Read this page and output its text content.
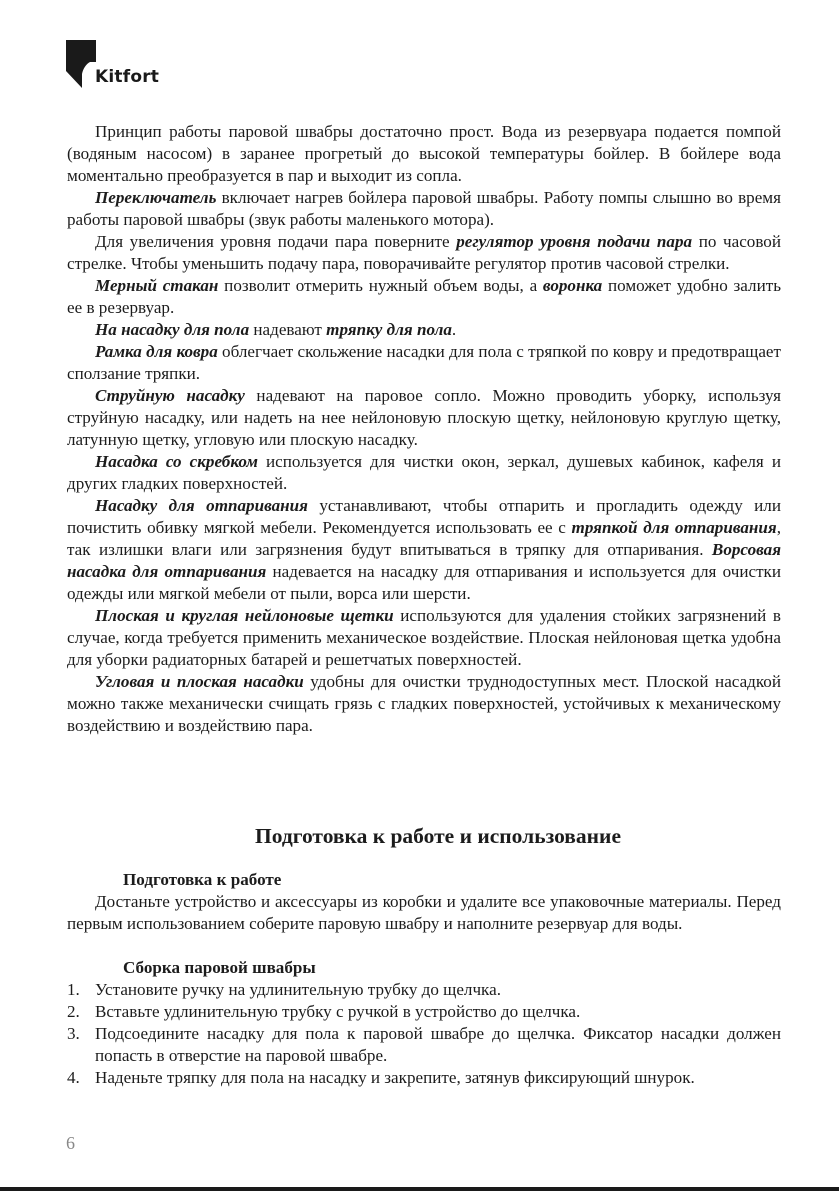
Kitfort

Принцип работы паровой швабры достаточно прост. Вода из резервуара подается помпой (водяным насосом) в заранее прогретый до высокой температуры бойлер. В бойлере вода моментально преобразуется в пар и выходит из сопла.

Переключатель включает нагрев бойлера паровой швабры. Работу помпы слышно во время работы паровой швабры (звук работы маленького мотора).

Для увеличения уровня подачи пара поверните регулятор уровня подачи пара по часовой стрелке. Чтобы уменьшить подачу пара, поворачивайте регулятор против часовой стрелки.

Мерный стакан позволит отмерить нужный объем воды, а воронка поможет удобно залить ее в резервуар.

На насадку для пола надевают тряпку для пола.

Рамка для ковра облегчает скольжение насадки для пола с тряпкой по ковру и предотвращает сползание тряпки.

Струйную насадку надевают на паровое сопло. Можно проводить уборку, используя струйную насадку, или надеть на нее нейлоновую плоскую щетку, нейлоновую круглую щетку, латунную щетку, угловую или плоскую насадку.

Насадка со скребком используется для чистки окон, зеркал, душевых кабинок, кафеля и других гладких поверхностей.

Насадку для отпаривания устанавливают, чтобы отпарить и прогладить одежду или почистить обивку мягкой мебели. Рекомендуется использовать ее с тряпкой для отпаривания, так излишки влаги или загрязнения будут впитываться в тряпку для отпаривания. Ворсовая насадка для отпаривания надевается на насадку для отпаривания и используется для очистки одежды или мягкой мебели от пыли, ворса или шерсти.

Плоская и круглая нейлоновые щетки используются для удаления стойких загрязнений в случае, когда требуется применить механическое воздействие. Плоская нейлоновая щетка удобна для уборки радиаторных батарей и решетчатых поверхностей.

Угловая и плоская насадки удобны для очистки труднодоступных мест. Плоской насадкой можно также механически счищать грязь с гладких поверхностей, устойчивых к механическому воздействию и воздействию пара.

Подготовка к работе и использование

Подготовка к работе

Достаньте устройство и аксессуары из коробки и удалите все упаковочные материалы. Перед первым использованием соберите паровую швабру и наполните резервуар для воды.

Сборка паровой швабры

1. Установите ручку на удлинительную трубку до щелчка.
2. Вставьте удлинительную трубку с ручкой в устройство до щелчка.
3. Подсоедините насадку для пола к паровой швабре до щелчка. Фиксатор насадки должен попасть в отверстие на паровой швабре.
4. Наденьте тряпку для пола на насадку и закрепите, затянув фиксирующий шнурок.
6
